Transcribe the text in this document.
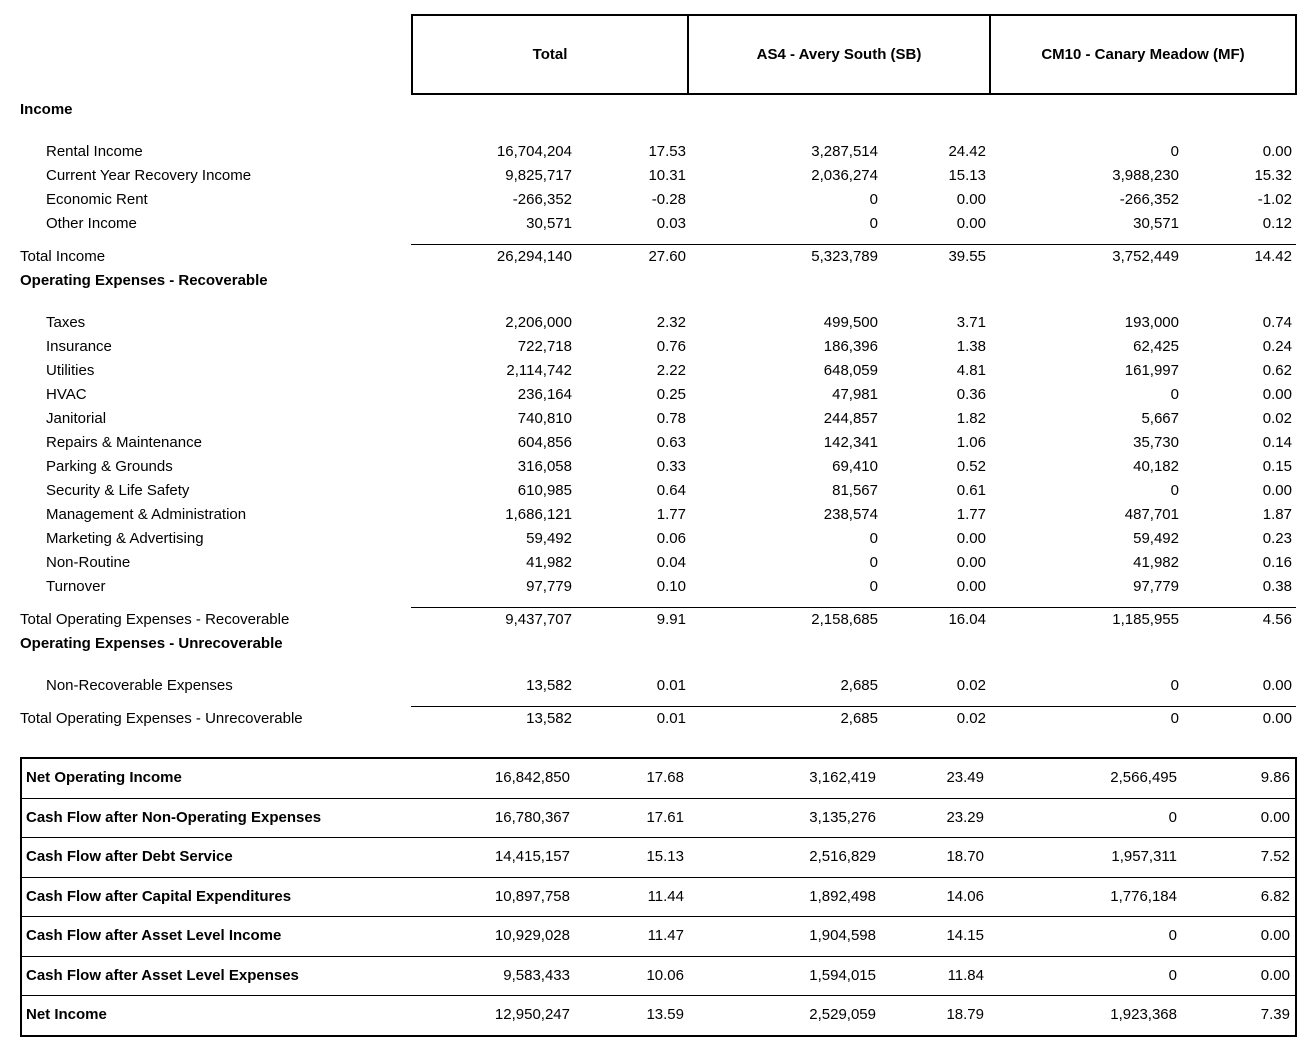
Total	AS4 - Avery South (SB)	CM10 - Canary Meadow (MF)
Income
Rental Income	16,704,204	17.53	3,287,514	24.42	0	0.00
Current Year Recovery Income	9,825,717	10.31	2,036,274	15.13	3,988,230	15.32
Economic Rent	-266,352	-0.28	0	0.00	-266,352	-1.02
Other Income	30,571	0.03	0	0.00	30,571	0.12
Total Income	26,294,140	27.60	5,323,789	39.55	3,752,449	14.42
Operating Expenses - Recoverable
Taxes	2,206,000	2.32	499,500	3.71	193,000	0.74
Insurance	722,718	0.76	186,396	1.38	62,425	0.24
Utilities	2,114,742	2.22	648,059	4.81	161,997	0.62
HVAC	236,164	0.25	47,981	0.36	0	0.00
Janitorial	740,810	0.78	244,857	1.82	5,667	0.02
Repairs & Maintenance	604,856	0.63	142,341	1.06	35,730	0.14
Parking & Grounds	316,058	0.33	69,410	0.52	40,182	0.15
Security & Life Safety	610,985	0.64	81,567	0.61	0	0.00
Management & Administration	1,686,121	1.77	238,574	1.77	487,701	1.87
Marketing & Advertising	59,492	0.06	0	0.00	59,492	0.23
Non-Routine	41,982	0.04	0	0.00	41,982	0.16
Turnover	97,779	0.10	0	0.00	97,779	0.38
Total Operating Expenses - Recoverable	9,437,707	9.91	2,158,685	16.04	1,185,955	4.56
Operating Expenses - Unrecoverable
Non-Recoverable Expenses	13,582	0.01	2,685	0.02	0	0.00
Total Operating Expenses - Unrecoverable	13,582	0.01	2,685	0.02	0	0.00
Net Operating Income	16,842,850	17.68	3,162,419	23.49	2,566,495	9.86
Cash Flow after Non-Operating Expenses	16,780,367	17.61	3,135,276	23.29	0	0.00
Cash Flow after Debt Service	14,415,157	15.13	2,516,829	18.70	1,957,311	7.52
Cash Flow after Capital Expenditures	10,897,758	11.44	1,892,498	14.06	1,776,184	6.82
Cash Flow after Asset Level Income	10,929,028	11.47	1,904,598	14.15	0	0.00
Cash Flow after Asset Level Expenses	9,583,433	10.06	1,594,015	11.84	0	0.00
Net Income	12,950,247	13.59	2,529,059	18.79	1,923,368	7.39
